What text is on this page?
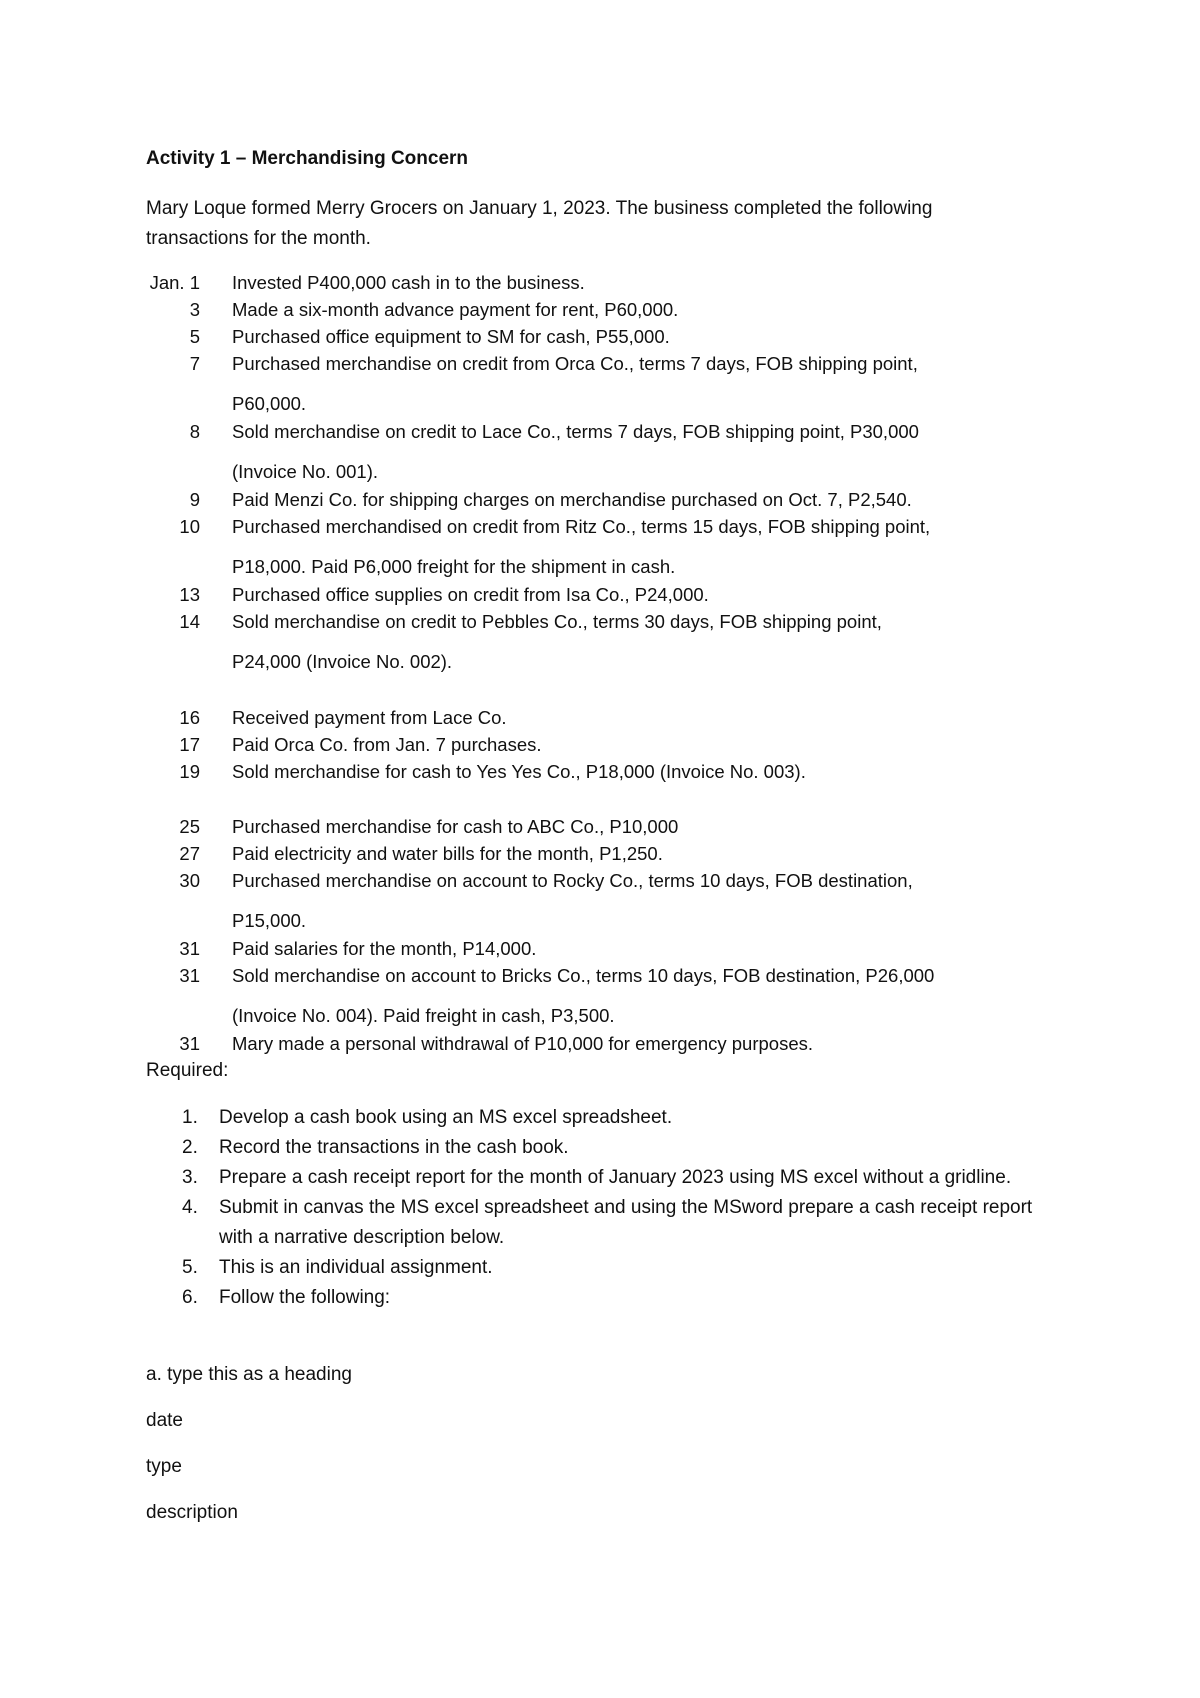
Activity 1 – Merchandising Concern
Mary Loque formed Merry Grocers on January 1, 2023. The business completed the following transactions for the month.
Jan. 1 Invested P400,000 cash in to the business.
3 Made a six-month advance payment for rent, P60,000.
5 Purchased office equipment to SM for cash, P55,000.
7 Purchased merchandise on credit from Orca Co., terms 7 days, FOB shipping point,
P60,000.
8 Sold merchandise on credit to Lace Co., terms 7 days, FOB shipping point, P30,000
(Invoice No. 001).
9 Paid Menzi Co. for shipping charges on merchandise purchased on Oct. 7, P2,540.
10 Purchased merchandised on credit from Ritz Co., terms 15 days, FOB shipping point,
P18,000. Paid P6,000 freight for the shipment in cash.
13 Purchased office supplies on credit from Isa Co., P24,000.
14 Sold merchandise on credit to Pebbles Co., terms 30 days, FOB shipping point,
P24,000 (Invoice No. 002).
16 Received payment from Lace Co.
17 Paid Orca Co. from Jan. 7 purchases.
19 Sold merchandise for cash to Yes Yes Co., P18,000 (Invoice No. 003).
25 Purchased merchandise for cash to ABC Co., P10,000
27 Paid electricity and water bills for the month, P1,250.
30 Purchased merchandise on account to Rocky Co., terms 10 days, FOB destination,
P15,000.
31 Paid salaries for the month, P14,000.
31 Sold merchandise on account to Bricks Co., terms 10 days, FOB destination, P26,000
(Invoice No. 004). Paid freight in cash, P3,500.
31 Mary made a personal withdrawal of P10,000 for emergency purposes.
Required:
1. Develop a cash book using an MS excel spreadsheet.
2. Record the transactions in the cash book.
3. Prepare a cash receipt report for the month of January 2023 using MS excel without a gridline.
4. Submit in canvas the MS excel spreadsheet and using the MSword prepare a cash receipt report with a narrative description below.
5. This is an individual assignment.
6. Follow the following:
a. type this as a heading
date
type
description
